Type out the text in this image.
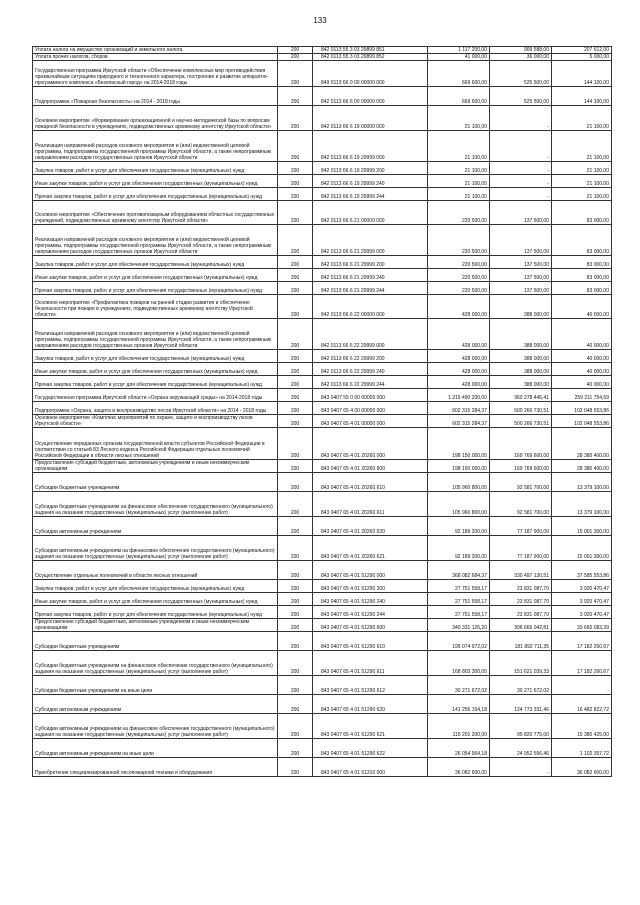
133
Уплата налога на имущество организаций и земельного налога	200	842 0113 55 3 03 29899 851	1 117 200,00	909 588,00	207 612,00
Уплата прочих налогов, сборов	200	842 0113 55 3 03 29899 852	41 000,00	36 000,00	5 000,00
Государственная программа Иркутской области «Обеспечение комплексных мер противодействия чрезвычайным ситуациям природного и техногенного характера, построение и развитие аппаратно-программного комплекса «Безопасный город» на 2014-2018 годы	200	849 0113 66 0 00 00000 000	669 600,00	525 500,00	144 100,00
Подпрограмма «Пожарная безопасность» на 2014 - 2018 годы	200	842 0113 66 6 00 00000 000	669 600,00	525 500,00	144 100,00
Основное мероприятие «Формирование организационной и научно-методической базы по вопросам пожарной безопасности в учреждениях, подведомственных архивному агентству Иркутской области»	200	842 0113 66 6 19 00000 000	21 100,00	-	21 100,00
Реализация направлений расходов основного мероприятия и (или) ведомственной целевой программы, подпрограммы государственной программы Иркутской области, а также непрограммным направлениям расходов государственных органов Иркутской области	200	842 0113 66 6 19 29999 000	21 100,00	-	21 100,00
Закупка товаров, работ и услуг для обеспечения государственных (муниципальных) нужд	200	842 0113 66 6 19 29999 200	21 100,00	-	21 100,00
Иные закупки товаров, работ и услуг для обеспечения государственных (муниципальных) нужд	200	842 0113 66 6 19 29999 240	21 100,00	-	21 100,00
Прочая закупка товаров, работ и услуг для обеспечения государственных (муниципальных) нужд	200	842 0113 66 6 19 29999 244	21 100,00	-	21 100,00
Основное мероприятие «Обеспечение противопожарным оборудованием областных государственных учреждений, подведомственных архивному агентству Иркутской области»	200	842 0113 66 6 21 00000 000	220 500,00	137 500,00	83 000,00
Реализация направлений расходов основного мероприятия и (или) ведомственной целевой программы, подпрограммы государственной программы Иркутской области, а также непрограммным направлениям расходов государственных органов Иркутской области	200	842 0113 66 6 21 29999 000	220 500,00	137 500,00	83 000,00
Закупка товаров, работ и услуг для обеспечения государственных (муниципальных) нужд	200	842 0113 66 6 21 29999 200	220 500,00	137 500,00	83 000,00
Иные закупки товаров, работ и услуг для обеспечения государственных (муниципальных) нужд	200	842 0113 66 6 21 29999 240	220 500,00	137 500,00	83 000,00
Прочая закупка товаров, работ и услуг для обеспечения государственных (муниципальных) нужд	200	842 0113 66 6 21 29999 244	220 500,00	137 500,00	83 000,00
Основное мероприятие «Профилактика пожаров на ранней стадии развития и обеспечение безопасности при пожаре в учреждениях, подведомственных архивному агентству Иркутской области»	200	842 0113 66 6 22 00000 000	428 000,00	388 000,00	40 000,00
Реализация направлений расходов основного мероприятия и (или) ведомственной целевой программы, подпрограммы государственной программы Иркутской области, а также непрограммным направлениям расходов государственных органов Иркутской области	200	842 0113 66 6 22 29999 000	428 000,00	388 000,00	40 000,00
Закупка товаров, работ и услуг для обеспечения государственных (муниципальных) нужд	200	842 0113 66 6 22 29999 200	428 000,00	388 000,00	40 000,00
Иные закупки товаров, работ и услуг для обеспечения государственных (муниципальных) нужд	200	842 0113 66 6 22 29999 240	428 000,00	388 000,00	40 000,00
Прочая закупка товаров, работ и услуг для обеспечения государственных (муниципальных) нужд	200	842 0113 66 6 22 29999 244	428 000,00	388 000,00	40 000,00
Государственная программа Иркутской области «Охрана окружающей среды» на 2014-2018 годы	200	843 0407 55 0 00 00000 000	1 219 490 200,00	960 278 445,41	259 211 754,59
Подпрограмма «Охрана, защита и воспроизводство лесов Иркутской области» на 2014 - 2018 годы	200	843 0407 65 4 00 00000 000	602 315 284,37	500 266 730,51	102 048 553,86
Основное мероприятие «Комплекс мероприятий по охране, защите и воспроизводству лесов Иркутской области»	200	843 0407 65 4 01 00000 000	602 315 284,37	500 266 730,51	102 048 553,86
Осуществление переданных органам государственной власти субъектов Российской Федерации в соответствии со статьей 83 Лесного кодекса Российской Федерации отдельных полномочий Российской Федерации в области лесных отношений	200	843 0407 65 4 01 20260 000	198 150 000,00	169 769 600,00	28 380 400,00
Предоставление субсидий бюджетным, автономным учреждениям и иным некоммерческим организациям	200	843 0407 65 4 01 20260 600	198 150 000,00	169 769 600,00	28 380 400,00
Субсидии бюджетным учреждениям	200	843 0407 65 4 01 20260 610	105 960 800,00	92 581 700,00	13 379 100,00
Субсидии бюджетным учреждениям на финансовое обеспечение государственного (муниципального) задания на оказание государственных (муниципальных) услуг (выполнение работ)	200	843 0407 65 4 01 20260 611	105 960 800,00	92 581 700,00	13 379 100,00
Субсидии автономным учреждениям	200	843 0407 65 4 01 20260 620	92 189 200,00	77 187 900,00	15 001 300,00
Субсидии автономным учреждениям на финансовое обеспечение государственного (муниципального) задания на оказание государственных (муниципальных) услуг (выполнение работ)	200	843 0407 65 4 01 20260 621	92 189 200,00	77 187 900,00	15 001 300,00
Осуществление отдельных полномочий в области лесных отношений	200	843 0407 65 4 01 51290 000	368 082 684,37	330 497 130,51	37 585 553,86
Закупка товаров, работ и услуг для обеспечения государственных (муниципальных) нужд	200	843 0407 65 4 01 51290 200	27 751 558,17	23 831 087,70	3 920 470,47
Иные закупки товаров, работ и услуг для обеспечения государственных (муниципальных) нужд	200	843 0407 65 4 01 51290 240	27 751 558,17	23 831 087,70	3 920 470,47
Прочая закупка товаров, работ и услуг для обеспечения государственных (муниципальных) нужд	200	843 0407 65 4 01 51290 244	27 751 558,17	23 831 087,70	3 920 470,47
Предоставление субсидий бюджетным, автономным учреждениям и иным некоммерческим организациям	200	843 0407 65 4 01 51290 600	340 331 126,20	306 666 042,81	33 665 083,39
Субсидии бюджетным учреждениям	200	843 0407 65 4 01 51290 610	199 074 972,02	181 892 711,35	17 182 260,67
Субсидии бюджетным учреждениям на финансовое обеспечение государственного (муниципального) задания на оказание государственных (муниципальных) услуг (выполнение работ)	200	843 0407 65 4 01 51290 611	168 803 300,00	151 621 039,33	17 182 260,67
Субсидии бюджетным учреждениям на иные цели	200	843 0407 65 4 01 51290 612	30 271 672,02	30 271 672,02	-
Субсидии автономным учреждениям	200	843 0407 65 4 01 51290 620	141 256 154,18	124 773 331,46	16 482 822,72
Субсидии автономным учреждениям на финансовое обеспечение государственного (муниципального) задания на оказание государственных (муниципальных) услуг (выполнение работ)	200	843 0407 65 4 01 51290 621	115 201 200,00	99 820 775,00	15 380 425,00
Субсидии автономным учреждениям на иные цели	200	843 0407 65 4 01 51290 622	26 054 954,18	24 952 556,46	1 102 397,72
Приобретение специализированной лесопожарной техники и оборудования	200	843 0407 65 4 01 51310 000	36 082 600,00	-	36 082 600,00
